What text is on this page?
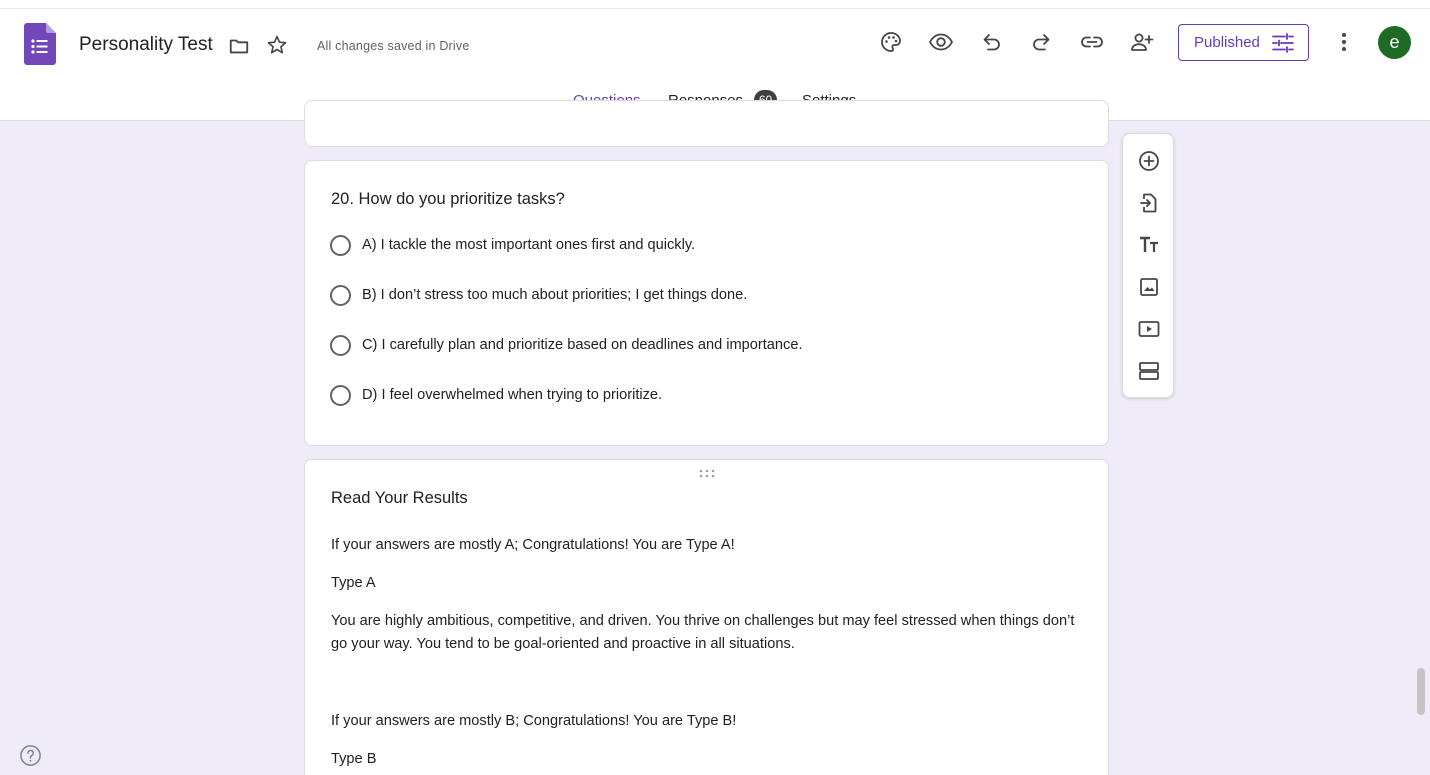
Personality Test	All changes saved in Drive	Published	e
20. How do you prioritize tasks?
A) I tackle the most important ones first and quickly.
B) I don’t stress too much about priorities; I get things done.
C) I carefully plan and prioritize based on deadlines and importance.
D) I feel overwhelmed when trying to prioritize.
Read Your Results
If your answers are mostly A; Congratulations! You are Type A!
Type A
You are highly ambitious, competitive, and driven. You thrive on challenges but may feel stressed when things don’t go your way. You tend to be goal-oriented and proactive in all situations.
If your answers are mostly B; Congratulations! You are Type B!
Type B
